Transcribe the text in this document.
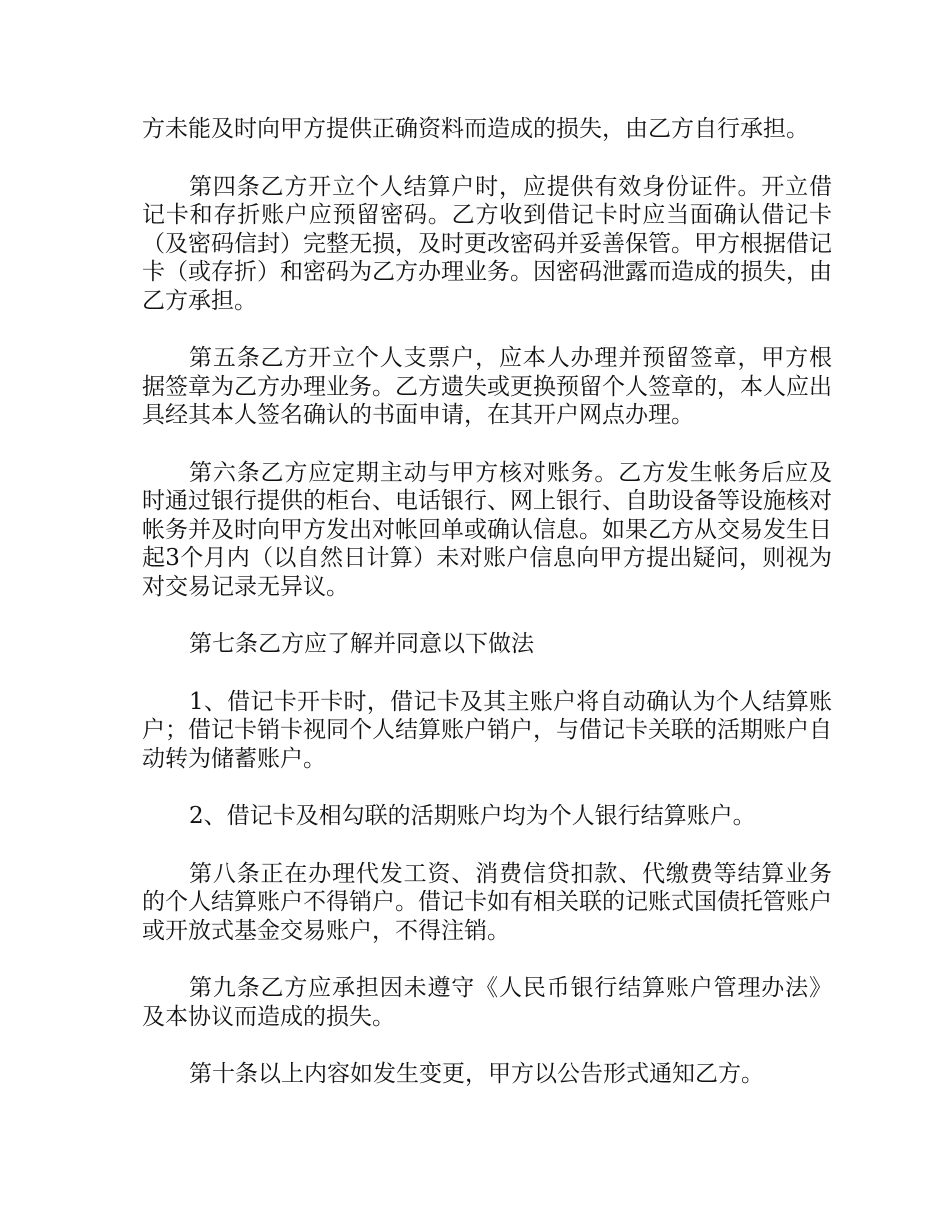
方未能及时向甲方提供正确资料而造成的损失，由乙方自行承担。

第四条乙方开立个人结算户时，应提供有效身份证件。开立借记卡和存折账户应预留密码。乙方收到借记卡时应当面确认借记卡（及密码信封）完整无损，及时更改密码并妥善保管。甲方根据借记卡（或存折）和密码为乙方办理业务。因密码泄露而造成的损失，由乙方承担。

第五条乙方开立个人支票户，应本人办理并预留签章，甲方根据签章为乙方办理业务。乙方遗失或更换预留个人签章的，本人应出具经其本人签名确认的书面申请，在其开户网点办理。

第六条乙方应定期主动与甲方核对账务。乙方发生帐务后应及时通过银行提供的柜台、电话银行、网上银行、自助设备等设施核对帐务并及时向甲方发出对帐回单或确认信息。如果乙方从交易发生日起3个月内（以自然日计算）未对账户信息向甲方提出疑问，则视为对交易记录无异议。

第七条乙方应了解并同意以下做法

1、借记卡开卡时，借记卡及其主账户将自动确认为个人结算账户；借记卡销卡视同个人结算账户销户，与借记卡关联的活期账户自动转为储蓄账户。

2、借记卡及相勾联的活期账户均为个人银行结算账户。

第八条正在办理代发工资、消费信贷扣款、代缴费等结算业务的个人结算账户不得销户。借记卡如有相关联的记账式国债托管账户或开放式基金交易账户，不得注销。

第九条乙方应承担因未遵守《人民币银行结算账户管理办法》及本协议而造成的损失。

第十条以上内容如发生变更，甲方以公告形式通知乙方。
